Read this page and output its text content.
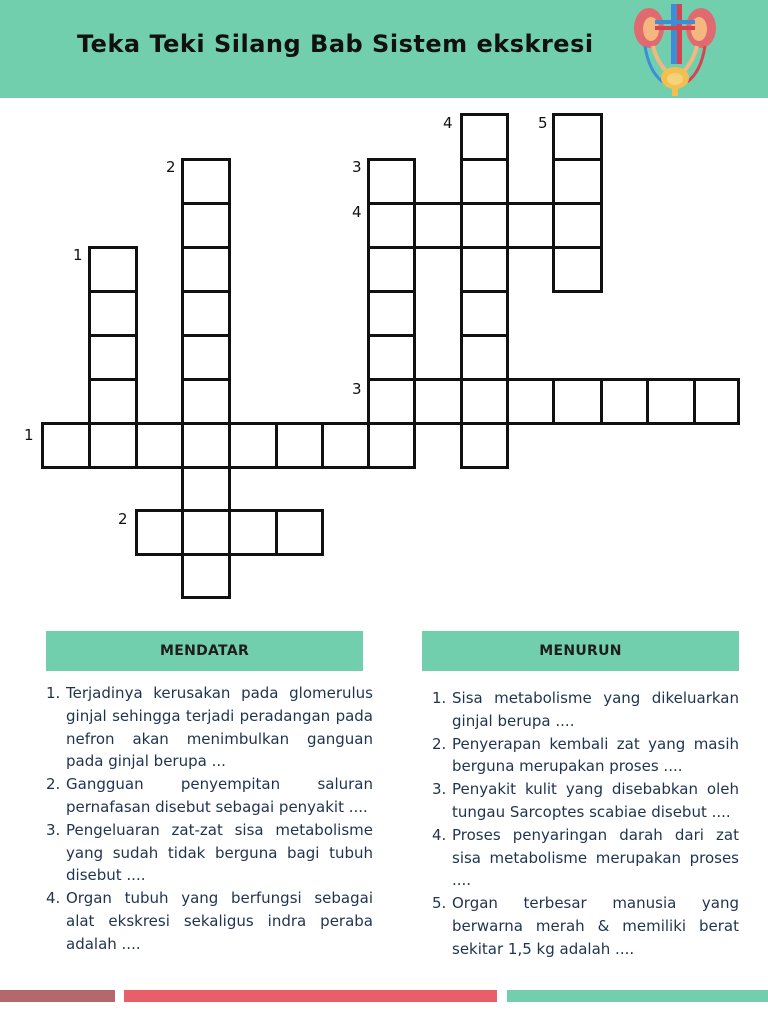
Teka Teki Silang Bab Sistem ekskresi
4	5
2	3
4
1
3
1
2
MENDATAR	MENURUN
1. Terjadinya kerusakan pada glomerulus ginjal sehingga terjadi peradangan pada nefron akan menimbulkan ganguan pada ginjal berupa ...
2. Gangguan penyempitan saluran pernafasan disebut sebagai penyakit ....
3. Pengeluaran zat-zat sisa metabolisme yang sudah tidak berguna bagi tubuh disebut ....
4. Organ tubuh yang berfungsi sebagai alat ekskresi sekaligus indra peraba adalah ....
1. Sisa metabolisme yang dikeluarkan ginjal berupa ....
2. Penyerapan kembali zat yang masih berguna merupakan proses ....
3. Penyakit kulit yang disebabkan oleh tungau Sarcoptes scabiae disebut ....
4. Proses penyaringan darah dari zat sisa metabolisme merupakan proses ....
5. Organ terbesar manusia yang berwarna merah & memiliki berat sekitar 1,5 kg adalah ....
